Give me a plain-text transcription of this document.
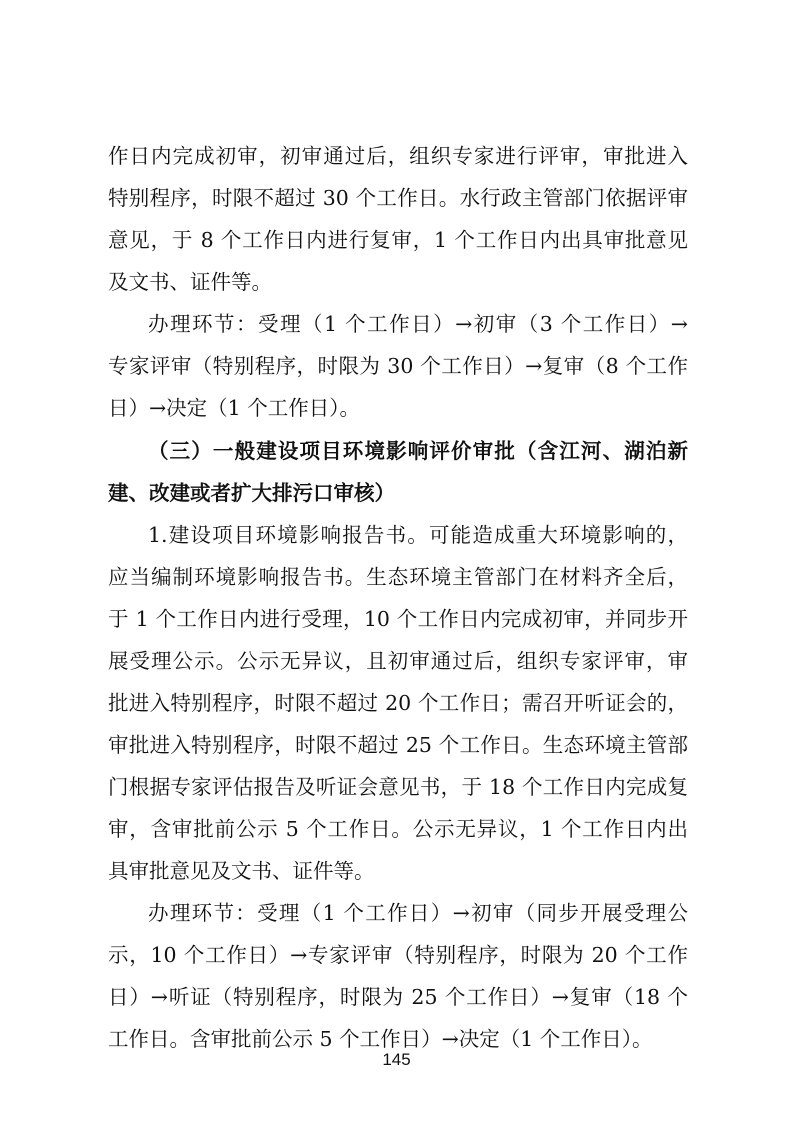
作日内完成初审，初审通过后，组织专家进行评审，审批进入
特别程序，时限不超过 30 个工作日。水行政主管部门依据评审
意见，于 8 个工作日内进行复审，1 个工作日内出具审批意见
及文书、证件等。
办理环节：受理（1 个工作日）→初审（3 个工作日）→
专家评审（特别程序，时限为 30 个工作日）→复审（8 个工作
日）→决定（1 个工作日）。
（三）一般建设项目环境影响评价审批（含江河、湖泊新
建、改建或者扩大排污口审核）
1.建设项目环境影响报告书。可能造成重大环境影响的，
应当编制环境影响报告书。生态环境主管部门在材料齐全后，
于 1 个工作日内进行受理，10 个工作日内完成初审，并同步开
展受理公示。公示无异议，且初审通过后，组织专家评审，审
批进入特别程序，时限不超过 20 个工作日；需召开听证会的，
审批进入特别程序，时限不超过 25 个工作日。生态环境主管部
门根据专家评估报告及听证会意见书，于 18 个工作日内完成复
审，含审批前公示 5 个工作日。公示无异议，1 个工作日内出
具审批意见及文书、证件等。
办理环节：受理（1 个工作日）→初审（同步开展受理公
示，10 个工作日）→专家评审（特别程序，时限为 20 个工作
日）→听证（特别程序，时限为 25 个工作日）→复审（18 个
工作日。含审批前公示 5 个工作日）→决定（1 个工作日）。
145
